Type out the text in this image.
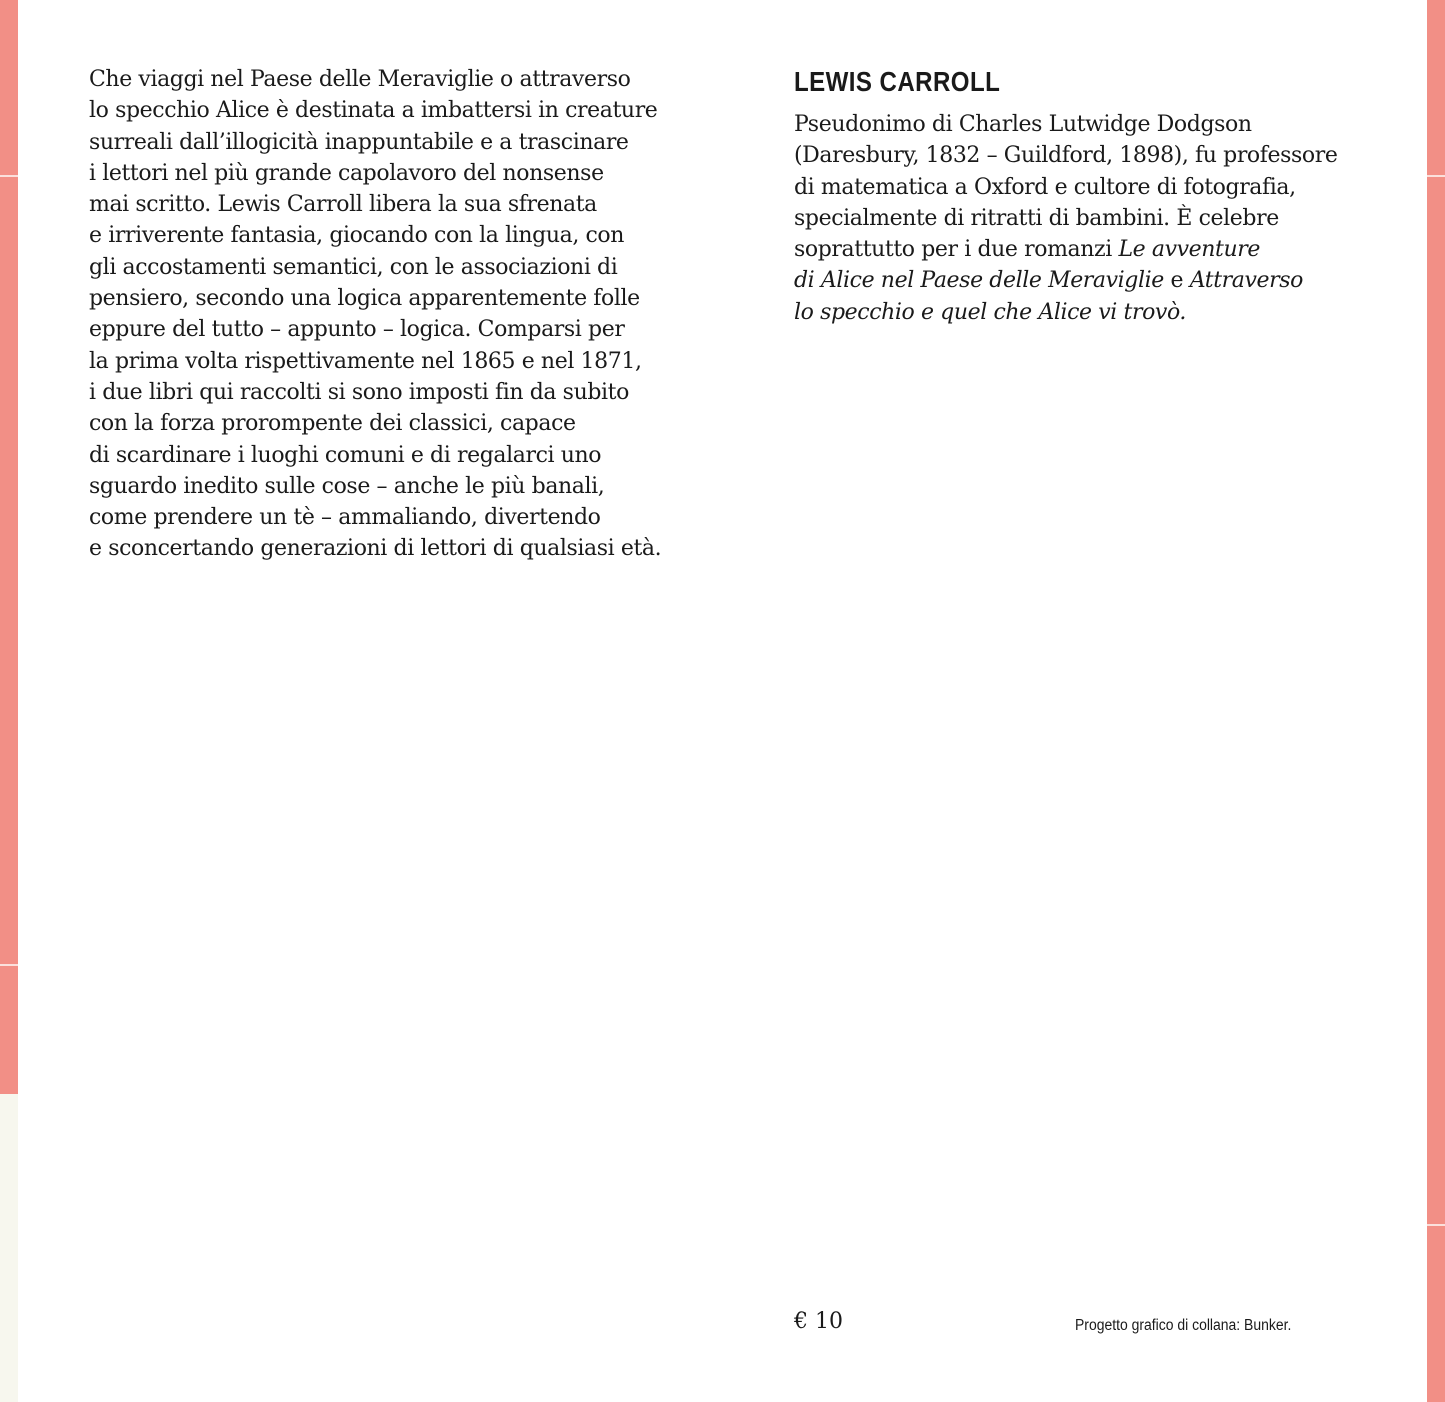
Che viaggi nel Paese delle Meraviglie o attraverso
lo specchio Alice è destinata a imbattersi in creature
surreali dall’illogicità inappuntabile e a trascinare
i lettori nel più grande capolavoro del nonsense
mai scritto. Lewis Carroll libera la sua sfrenata
e irriverente fantasia, giocando con la lingua, con
gli accostamenti semantici, con le associazioni di
pensiero, secondo una logica apparentemente folle
eppure del tutto – appunto – logica. Comparsi per
la prima volta rispettivamente nel 1865 e nel 1871,
i due libri qui raccolti si sono imposti fin da subito
con la forza prorompente dei classici, capace
di scardinare i luoghi comuni e di regalarci uno
sguardo inedito sulle cose – anche le più banali,
come prendere un tè – ammaliando, divertendo
e sconcertando generazioni di lettori di qualsiasi età.

LEWIS CARROLL

Pseudonimo di Charles Lutwidge Dodgson
(Daresbury, 1832 – Guildford, 1898), fu professore
di matematica a Oxford e cultore di fotografia,
specialmente di ritratti di bambini. È celebre
soprattutto per i due romanzi Le avventure
di Alice nel Paese delle Meraviglie e Attraverso
lo specchio e quel che Alice vi trovò.

€ 10	Progetto grafico di collana: Bunker.
